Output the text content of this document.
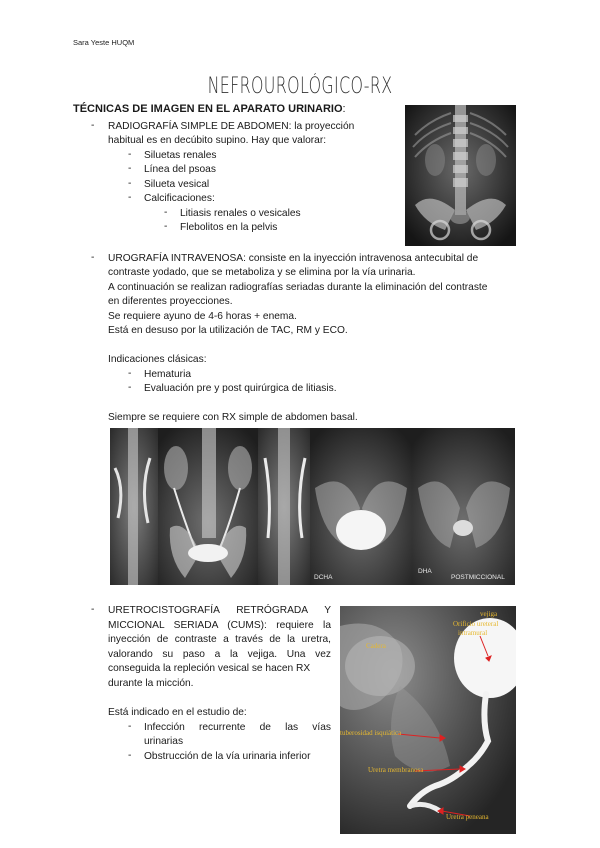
Sara Yeste HUQM
NEFROUROLÓGICO-RX
TÉCNICAS DE IMAGEN EN EL APARATO URINARIO:
- RADIOGRAFÍA SIMPLE DE ABDOMEN: la proyección
habitual es en decúbito supino. Hay que valorar:
- Siluetas renales
- Línea del psoas
- Silueta vesical
- Calcificaciones:
- Litiasis renales o vesicales
- Flebolitos en la pelvis
- UROGRAFÍA INTRAVENOSA: consiste en la inyección intravenosa antecubital de
contraste yodado, que se metaboliza y se elimina por la vía urinaria.
A continuación se realizan radiografías seriadas durante la eliminación del contraste
en diferentes proyecciones.
Se requiere ayuno de 4-6 horas + enema.
Está en desuso por la utilización de TAC, RM y ECO.
Indicaciones clásicas:
- Hematuria
- Evaluación pre y post quirúrgica de litiasis.
Siempre se requiere con RX simple de abdomen basal.
DCHA
DHA
POSTMICCIONAL
- URETROCISTOGRAFÍA RETRÓGRADA Y
MICCIONAL SERIADA (CUMS): requiere la
inyección de contraste a través de la uretra,
valorando su paso a la vejiga. Una vez
conseguida la repleción vesical se hacen RX
durante la micción.
Está indicado en el estudio de:
- Infección recurrente de las vías
urinarias
- Obstrucción de la vía urinaria inferior
vejiga
Orificio ureteral
intramural
Cadera
tuberosidad isquiática
Uretra membranosa
Uretra peneana
